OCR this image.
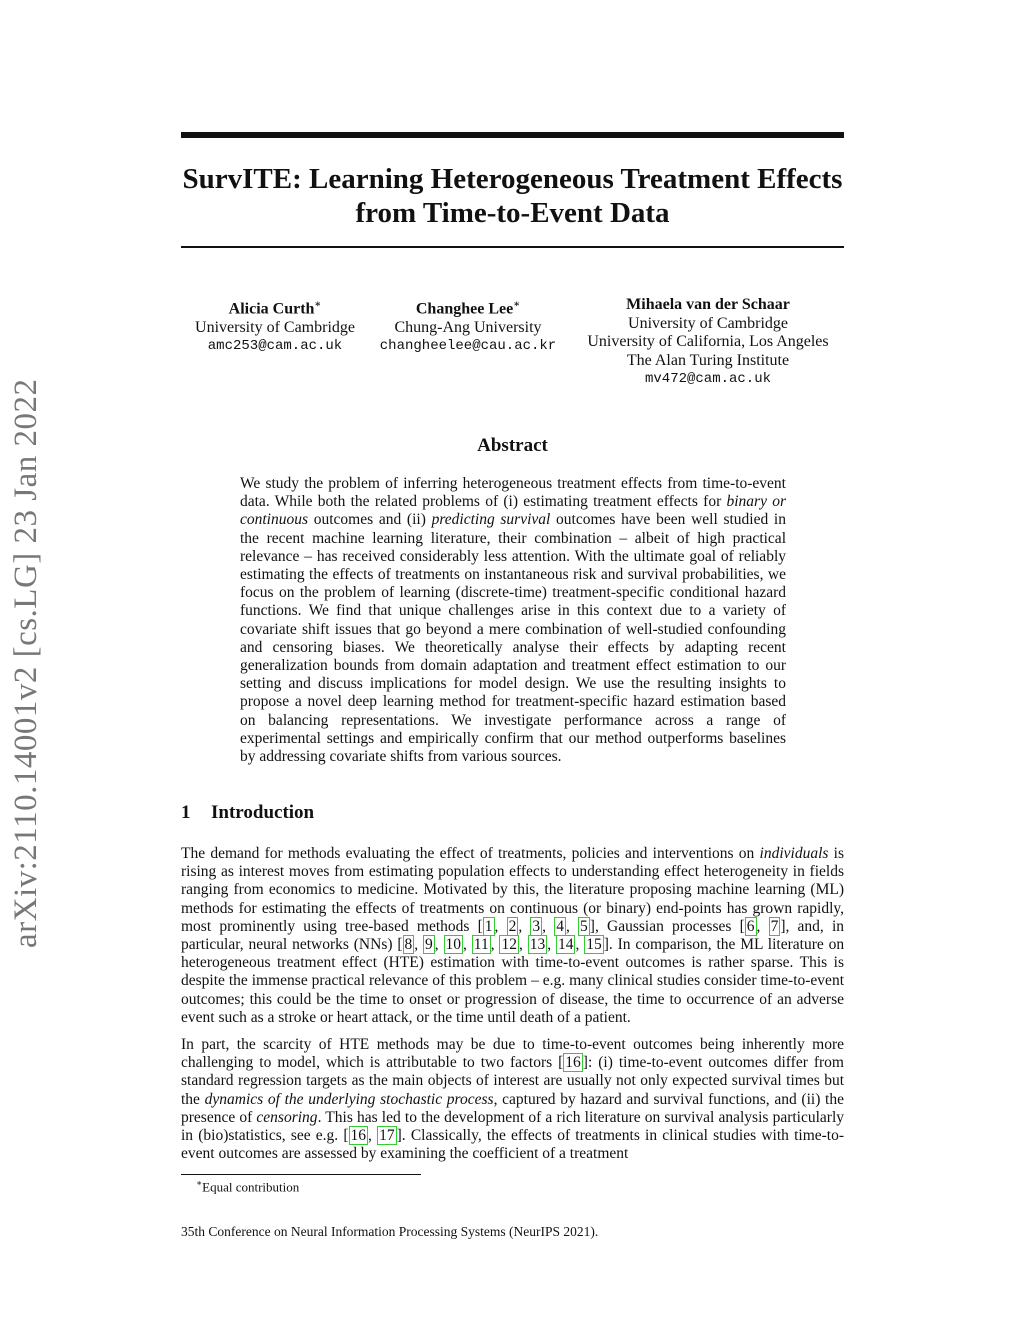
arXiv:2110.14001v2 [cs.LG] 23 Jan 2022
SurvITE: Learning Heterogeneous Treatment Effects
from Time-to-Event Data
Alicia Curth∗
University of Cambridge
amc253@cam.ac.uk
Changhee Lee∗
Chung-Ang University
changheelee@cau.ac.kr
Mihaela van der Schaar
University of Cambridge
University of California, Los Angeles
The Alan Turing Institute
mv472@cam.ac.uk
Abstract
We study the problem of inferring heterogeneous treatment effects from time-to-event data. While both the related problems of (i) estimating treatment effects for binary or continuous outcomes and (ii) predicting survival outcomes have been well studied in the recent machine learning literature, their combination – albeit of high practical relevance – has received considerably less attention. With the ultimate goal of reliably estimating the effects of treatments on instantaneous risk and survival probabilities, we focus on the problem of learning (discrete-time) treatment-specific conditional hazard functions. We find that unique challenges arise in this context due to a variety of covariate shift issues that go beyond a mere combination of well-studied confounding and censoring biases. We theoretically analyse their effects by adapting recent generalization bounds from domain adaptation and treatment effect estimation to our setting and discuss implications for model design. We use the resulting insights to propose a novel deep learning method for treatment-specific hazard estimation based on balancing representations. We investigate performance across a range of experimental settings and empirically confirm that our method outperforms baselines by addressing covariate shifts from various sources.
1 Introduction
The demand for methods evaluating the effect of treatments, policies and interventions on individuals is rising as interest moves from estimating population effects to understanding effect heterogeneity in fields ranging from economics to medicine. Motivated by this, the literature proposing machine learning (ML) methods for estimating the effects of treatments on continuous (or binary) end-points has grown rapidly, most prominently using tree-based methods [ 1 , 2 , 3 , 4 , 5 ], Gaussian processes [ 6 , 7 ], and, in particular, neural networks (NNs) [ 8 , 9 , 10 , 11 , 12 , 13 , 14 , 15 ]. In comparison, the ML literature on heterogeneous treatment effect (HTE) estimation with time-to-event outcomes is rather sparse. This is despite the immense practical relevance of this problem – e.g. many clinical studies consider time-to-event outcomes; this could be the time to onset or progression of disease, the time to occurrence of an adverse event such as a stroke or heart attack, or the time until death of a patient.
In part, the scarcity of HTE methods may be due to time-to-event outcomes being inherently more challenging to model, which is attributable to two factors [ 16 ]: (i) time-to-event outcomes differ from standard regression targets as the main objects of interest are usually not only expected survival times but the dynamics of the underlying stochastic process, captured by hazard and survival functions, and (ii) the presence of censoring. This has led to the development of a rich literature on survival analysis particularly in (bio)statistics, see e.g. [ 16 , 17 ]. Classically, the effects of treatments in clinical studies with time-to-event outcomes are assessed by examining the coefficient of a treatment
∗Equal contribution
35th Conference on Neural Information Processing Systems (NeurIPS 2021).
